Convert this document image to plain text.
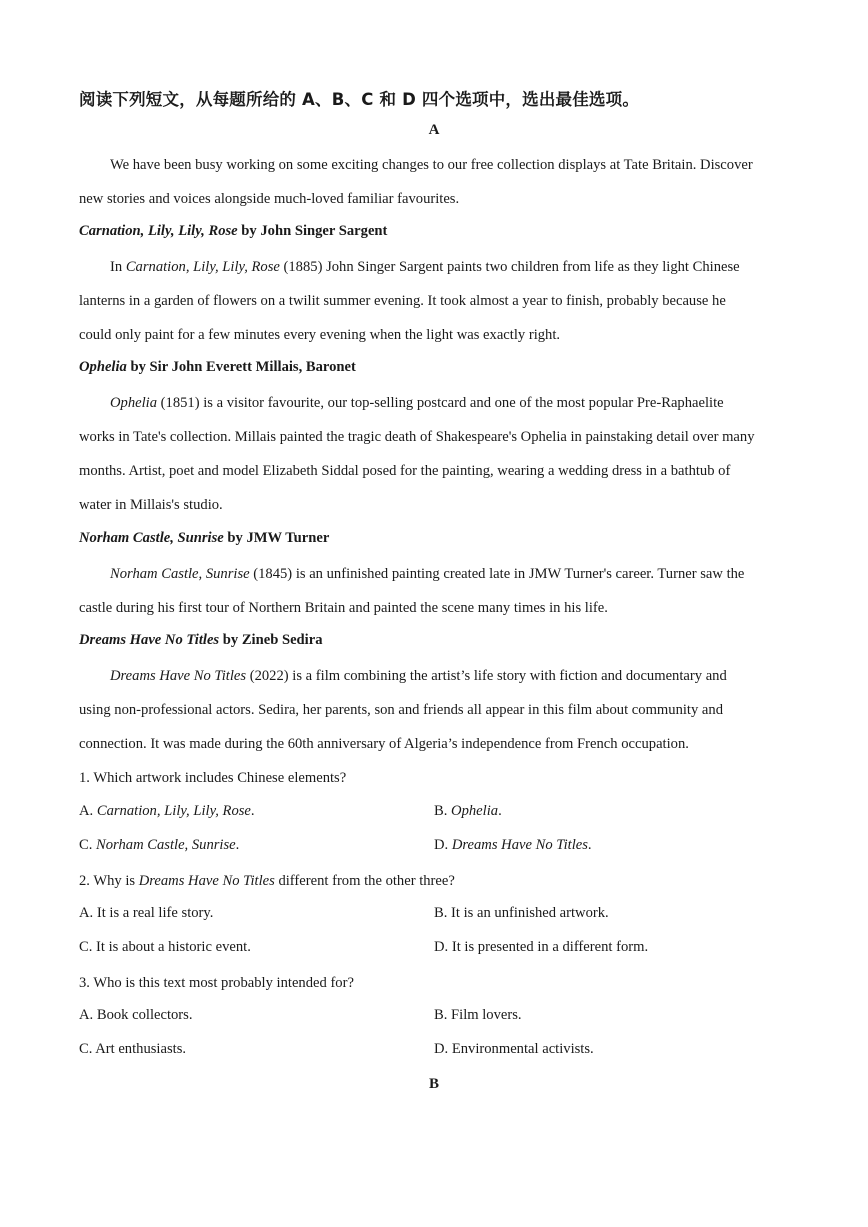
阅读下列短文，从每题所给的 A、B、C 和 D 四个选项中，选出最佳选项。
A
We have been busy working on some exciting changes to our free collection displays at Tate Britain. Discover
new stories and voices alongside much-loved familiar favourites.
Carnation, Lily, Lily, Rose by John Singer Sargent
In Carnation, Lily, Lily, Rose (1885) John Singer Sargent paints two children from life as they light Chinese
lanterns in a garden of flowers on a twilit summer evening. It took almost a year to finish, probably because he
could only paint for a few minutes every evening when the light was exactly right.
Ophelia by Sir John Everett Millais, Baronet
Ophelia (1851) is a visitor favourite, our top-selling postcard and one of the most popular Pre-Raphaelite
works in Tate's collection. Millais painted the tragic death of Shakespeare's Ophelia in painstaking detail over many
months. Artist, poet and model Elizabeth Siddal posed for the painting, wearing a wedding dress in a bathtub of
water in Millais's studio.
Norham Castle, Sunrise by JMW Turner
Norham Castle, Sunrise (1845) is an unfinished painting created late in JMW Turner's career. Turner saw the
castle during his first tour of Northern Britain and painted the scene many times in his life.
Dreams Have No Titles by Zineb Sedira
Dreams Have No Titles (2022) is a film combining the artist’s life story with fiction and documentary and
using non-professional actors. Sedira, her parents, son and friends all appear in this film about community and
connection. It was made during the 60th anniversary of Algeria’s independence from French occupation.
1. Which artwork includes Chinese elements?
A. Carnation, Lily, Lily, Rose.	B. Ophelia.
C. Norham Castle, Sunrise.	D. Dreams Have No Titles.
2. Why is Dreams Have No Titles different from the other three?
A. It is a real life story.	B. It is an unfinished artwork.
C. It is about a historic event.	D. It is presented in a different form.
3. Who is this text most probably intended for?
A. Book collectors.	B. Film lovers.
C. Art enthusiasts.	D. Environmental activists.
B
